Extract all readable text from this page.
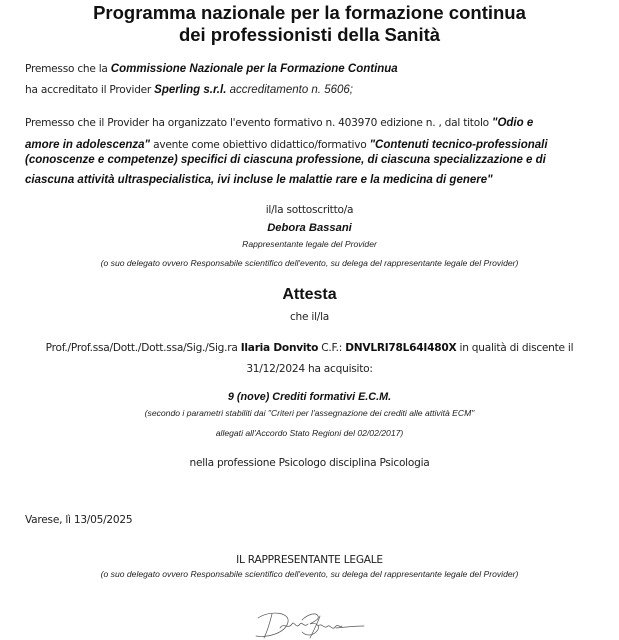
Programma nazionale per la formazione continua
dei professionisti della Sanità
Premesso che la Commissione Nazionale per la Formazione Continua
ha accreditato il Provider Sperling s.r.l. accreditamento n. 5606;
Premesso che il Provider ha organizzato l'evento formativo n. 403970 edizione n. , dal titolo "Odio e
amore in adolescenza" avente come obiettivo didattico/formativo "Contenuti tecnico-professionali
(conoscenze e competenze) specifici di ciascuna professione, di ciascuna specializzazione e di
ciascuna attività ultraspecialistica, ivi incluse le malattie rare e la medicina di genere"
il/la sottoscritto/a
Debora Bassani
Rappresentante legale del Provider
(o suo delegato ovvero Responsabile scientifico dell'evento, su delega del rappresentante legale del Provider)
Attesta
che il/la
Prof./Prof.ssa/Dott./Dott.ssa/Sig./Sig.ra Ilaria Donvito C.F.: DNVLRI78L64I480X in qualità di discente il
31/12/2024 ha acquisito:
9 (nove) Crediti formativi E.C.M.
(secondo i parametri stabiliti dai "Criteri per l'assegnazione dei crediti alle attività ECM"
allegati all'Accordo Stato Regioni del 02/02/2017)
nella professione Psicologo disciplina Psicologia
Varese, lì 13/05/2025
IL RAPPRESENTANTE LEGALE
(o suo delegato ovvero Responsabile scientifico dell'evento, su delega del rappresentante legale del Provider)
